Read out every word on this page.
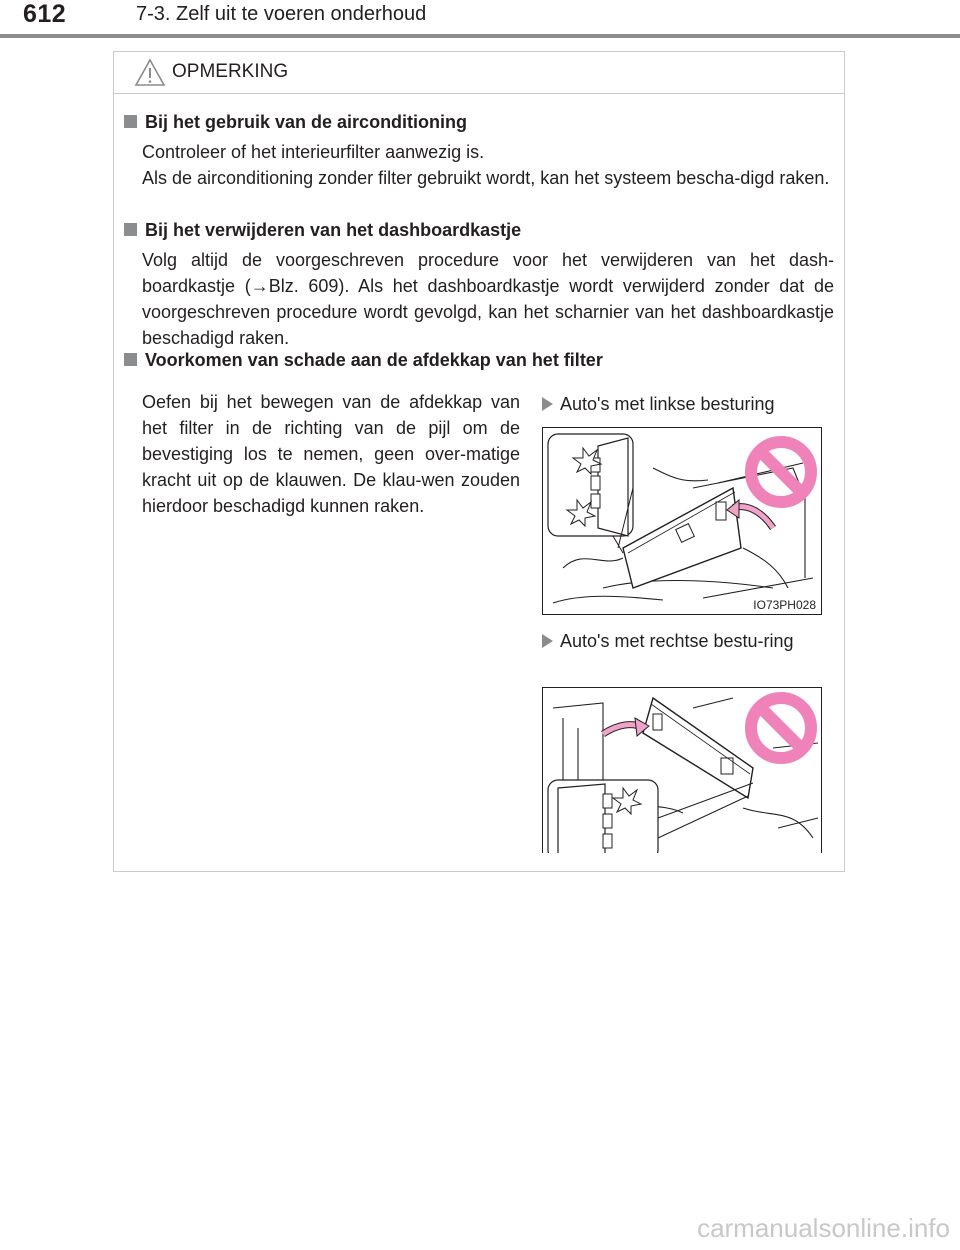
612	7-3. Zelf uit te voeren onderhoud
OPMERKING
Bij het gebruik van de airconditioning

Controleer of het interieurfilter aanwezig is.

Als de airconditioning zonder filter gebruikt wordt, kan het systeem bescha-digd raken.

Bij het verwijderen van het dashboardkastje

Volg altijd de voorgeschreven procedure voor het verwijderen van het dash-boardkastje (→Blz. 609). Als het dashboardkastje wordt verwijderd zonder dat de voorgeschreven procedure wordt gevolgd, kan het scharnier van het dashboardkastje beschadigd raken.

Voorkomen van schade aan de afdekkap van het filter
Oefen bij het bewegen van de afdekkap van het filter in de richting van de pijl om de bevestiging los te nemen, geen over-matige kracht uit op de klauwen. De klau-wen zouden hierdoor beschadigd kunnen raken.
Auto's met linkse besturing
IO73PH028
Auto's met rechtse bestu-ring
carmanualsonline.info
